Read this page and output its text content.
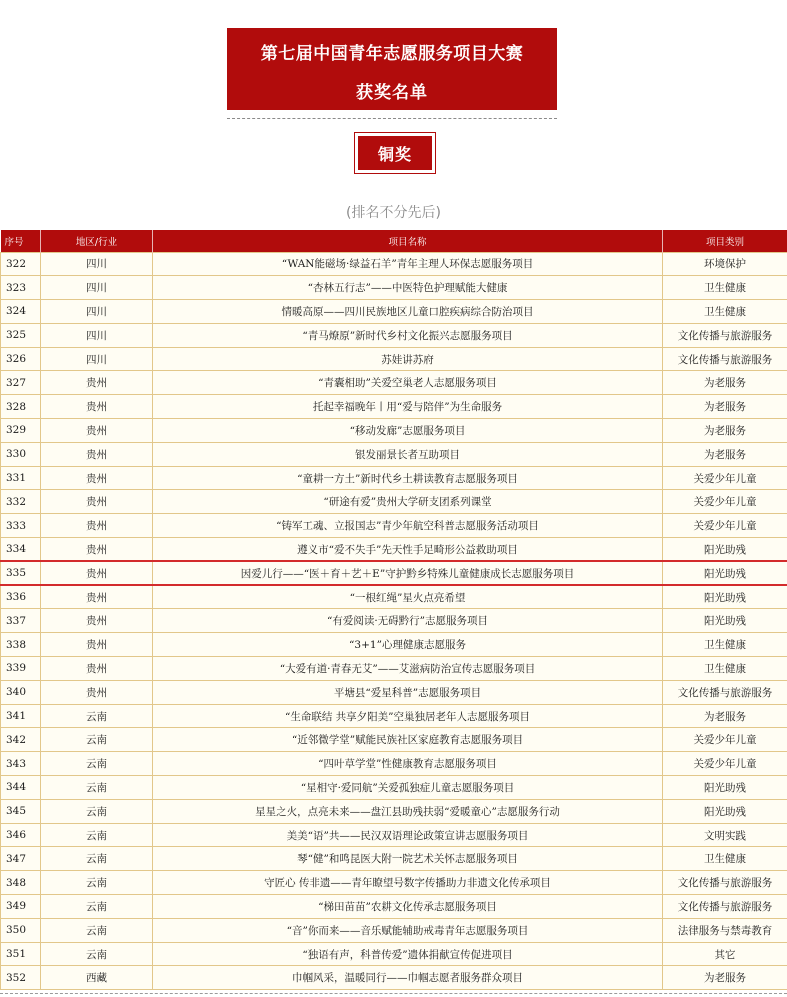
第七届中国青年志愿服务项目大赛
获奖名单
铜奖
(排名不分先后)
序号	地区/行业	项目名称	项目类别
322	四川	“WAN能磁场·绿益石羊”青年主理人环保志愿服务项目	环境保护
323	四川	“杏林五行志”——中医特色护理赋能大健康	卫生健康
324	四川	情暖高原——四川民族地区儿童口腔疾病综合防治项目	卫生健康
325	四川	“青马燎原”新时代乡村文化振兴志愿服务项目	文化传播与旅游服务
326	四川	苏娃讲苏府	文化传播与旅游服务
327	贵州	“青囊相助”关爱空巢老人志愿服务项目	为老服务
328	贵州	托起幸福晚年丨用“爱与陪伴”为生命服务	为老服务
329	贵州	“移动发廊”志愿服务项目	为老服务
330	贵州	银发丽景长者互助项目	为老服务
331	贵州	“童耕一方土”新时代乡土耕读教育志愿服务项目	关爱少年儿童
332	贵州	“研途有爱”贵州大学研支团系列课堂	关爱少年儿童
333	贵州	“铸军工魂、立报国志”青少年航空科普志愿服务活动项目	关爱少年儿童
334	贵州	遵义市“爱不失手”先天性手足畸形公益救助项目	阳光助残
335	贵州	因爱儿行——“医＋育＋艺＋E”守护黔乡特殊儿童健康成长志愿服务项目	阳光助残
336	贵州	“一根红绳”星火点亮希望	阳光助残
337	贵州	“有爱阅读·无碍黔行”志愿服务项目	阳光助残
338	贵州	“3+1”心理健康志愿服务	卫生健康
339	贵州	“大爱有道·青春无艾”——艾滋病防治宣传志愿服务项目	卫生健康
340	贵州	平塘县“爱星科普”志愿服务项目	文化传播与旅游服务
341	云南	“生命联结 共享夕阳美”空巢独居老年人志愿服务项目	为老服务
342	云南	“近邻微学堂”赋能民族社区家庭教育志愿服务项目	关爱少年儿童
343	云南	“四叶草学堂”性健康教育志愿服务项目	关爱少年儿童
344	云南	“星相守·爱同航”关爱孤独症儿童志愿服务项目	阳光助残
345	云南	星星之火，点亮未来——盘江县助残扶弱“爱暖童心”志愿服务行动	阳光助残
346	云南	美美“语”共——民汉双语理论政策宣讲志愿服务项目	文明实践
347	云南	琴“健”和鸣昆医大附一院艺术关怀志愿服务项目	卫生健康
348	云南	守匠心 传非遗——青年瞭望号数字传播助力非遗文化传承项目	文化传播与旅游服务
349	云南	“梯田苗苗”农耕文化传承志愿服务项目	文化传播与旅游服务
350	云南	“音”你而来——音乐赋能辅助戒毒青年志愿服务项目	法律服务与禁毒教育
351	云南	“独语有声，科普传爱”遗体捐献宣传促进项目	其它
352	西藏	巾帼风采，温暖同行——巾帼志愿者服务群众项目	为老服务
